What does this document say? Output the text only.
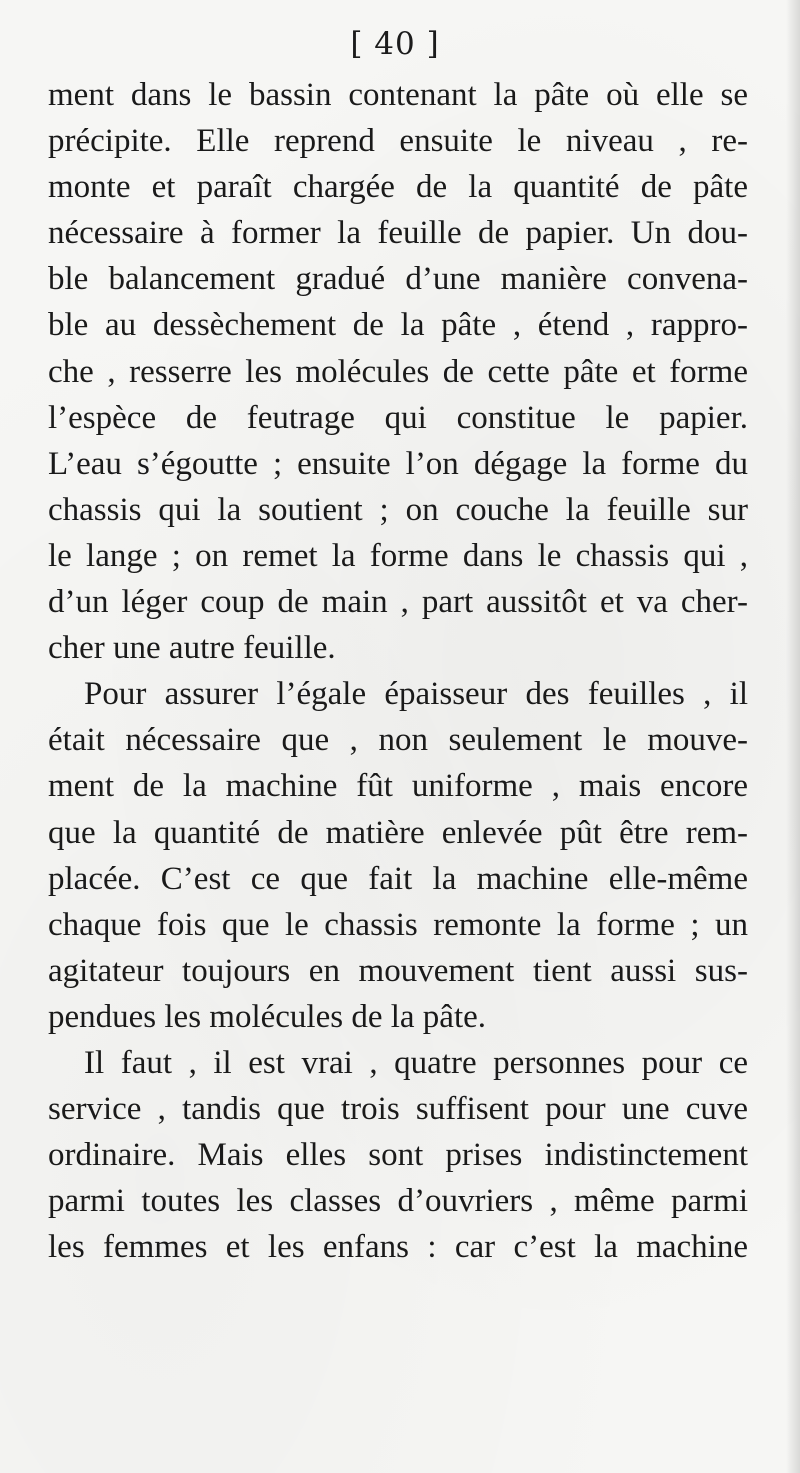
[ 40 ]
ment dans le bassin contenant la pâte où elle se
précipite. Elle reprend ensuite le niveau , re-
monte et paraît chargée de la quantité de pâte
nécessaire à former la feuille de papier. Un dou-
ble balancement gradué d’une manière convena-
ble au dessèchement de la pâte , étend , rappro-
che , resserre les molécules de cette pâte et forme
l’espèce de feutrage qui constitue le papier.
L’eau s’égoutte ; ensuite l’on dégage la forme du
chassis qui la soutient ; on couche la feuille sur
le lange ; on remet la forme dans le chassis qui ,
d’un léger coup de main , part aussitôt et va cher-
cher une autre feuille.
Pour assurer l’égale épaisseur des feuilles , il
était nécessaire que , non seulement le mouve-
ment de la machine fût uniforme , mais encore
que la quantité de matière enlevée pût être rem-
placée. C’est ce que fait la machine elle-même
chaque fois que le chassis remonte la forme ; un
agitateur toujours en mouvement tient aussi sus-
pendues les molécules de la pâte.
Il faut , il est vrai , quatre personnes pour ce
service , tandis que trois suffisent pour une cuve
ordinaire. Mais elles sont prises indistinctement
parmi toutes les classes d’ouvriers , même parmi
les femmes et les enfans : car c’est la machine
